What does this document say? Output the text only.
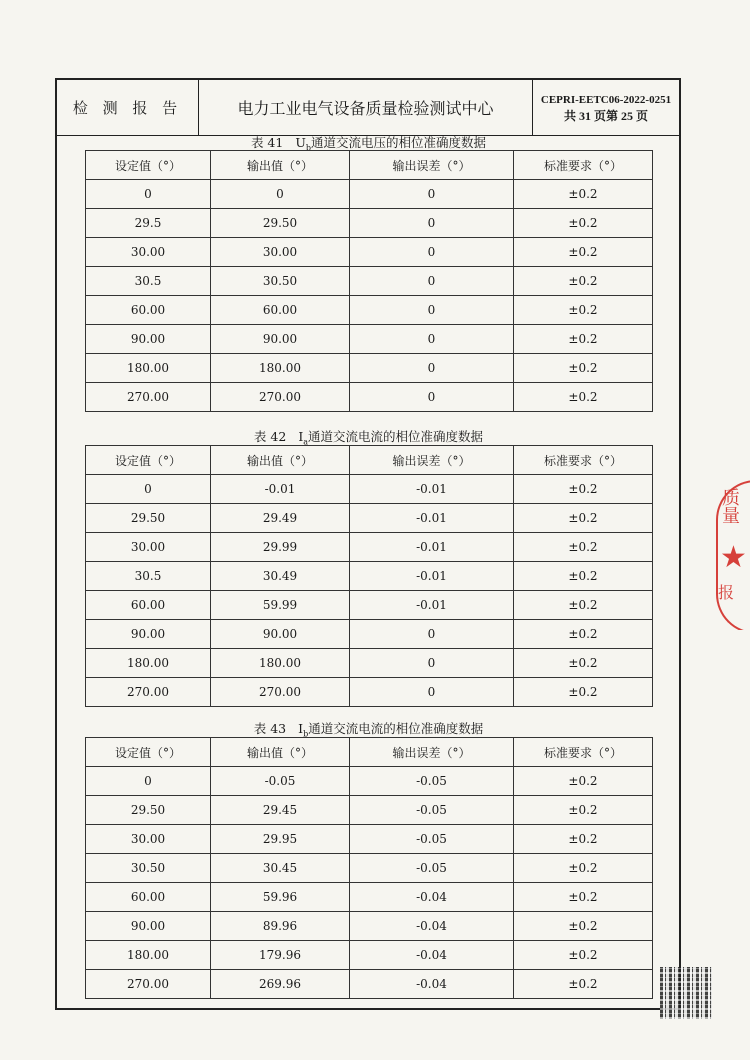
检 测 报 告	电力工业电气设备质量检验测试中心	CEPRI-EETC06-2022-0251
共 31 页第 25 页
表 41 $U_b$通道交流电压的相位准确度数据
设定值（°）	输出值（°）	输出误差（°）	标准要求（°）
0	0	0	±0.2
29.5	29.50	0	±0.2
30.00	30.00	0	±0.2
30.5	30.50	0	±0.2
60.00	60.00	0	±0.2
90.00	90.00	0	±0.2
180.00	180.00	0	±0.2
270.00	270.00	0	±0.2
表 42 $I_a$通道交流电流的相位准确度数据
设定值（°）	输出值（°）	输出误差（°）	标准要求（°）
0	-0.01	-0.01	±0.2
29.50	29.49	-0.01	±0.2
30.00	29.99	-0.01	±0.2
30.5	30.49	-0.01	±0.2
60.00	59.99	-0.01	±0.2
90.00	90.00	0	±0.2
180.00	180.00	0	±0.2
270.00	270.00	0	±0.2
表 43 $I_b$通道交流电流的相位准确度数据
设定值（°）	输出值（°）	输出误差（°）	标准要求（°）
0	-0.05	-0.05	±0.2
29.50	29.45	-0.05	±0.2
30.00	29.95	-0.05	±0.2
30.50	30.45	-0.05	±0.2
60.00	59.96	-0.04	±0.2
90.00	89.96	-0.04	±0.2
180.00	179.96	-0.04	±0.2
270.00	269.96	-0.04	±0.2
质量
★
报
